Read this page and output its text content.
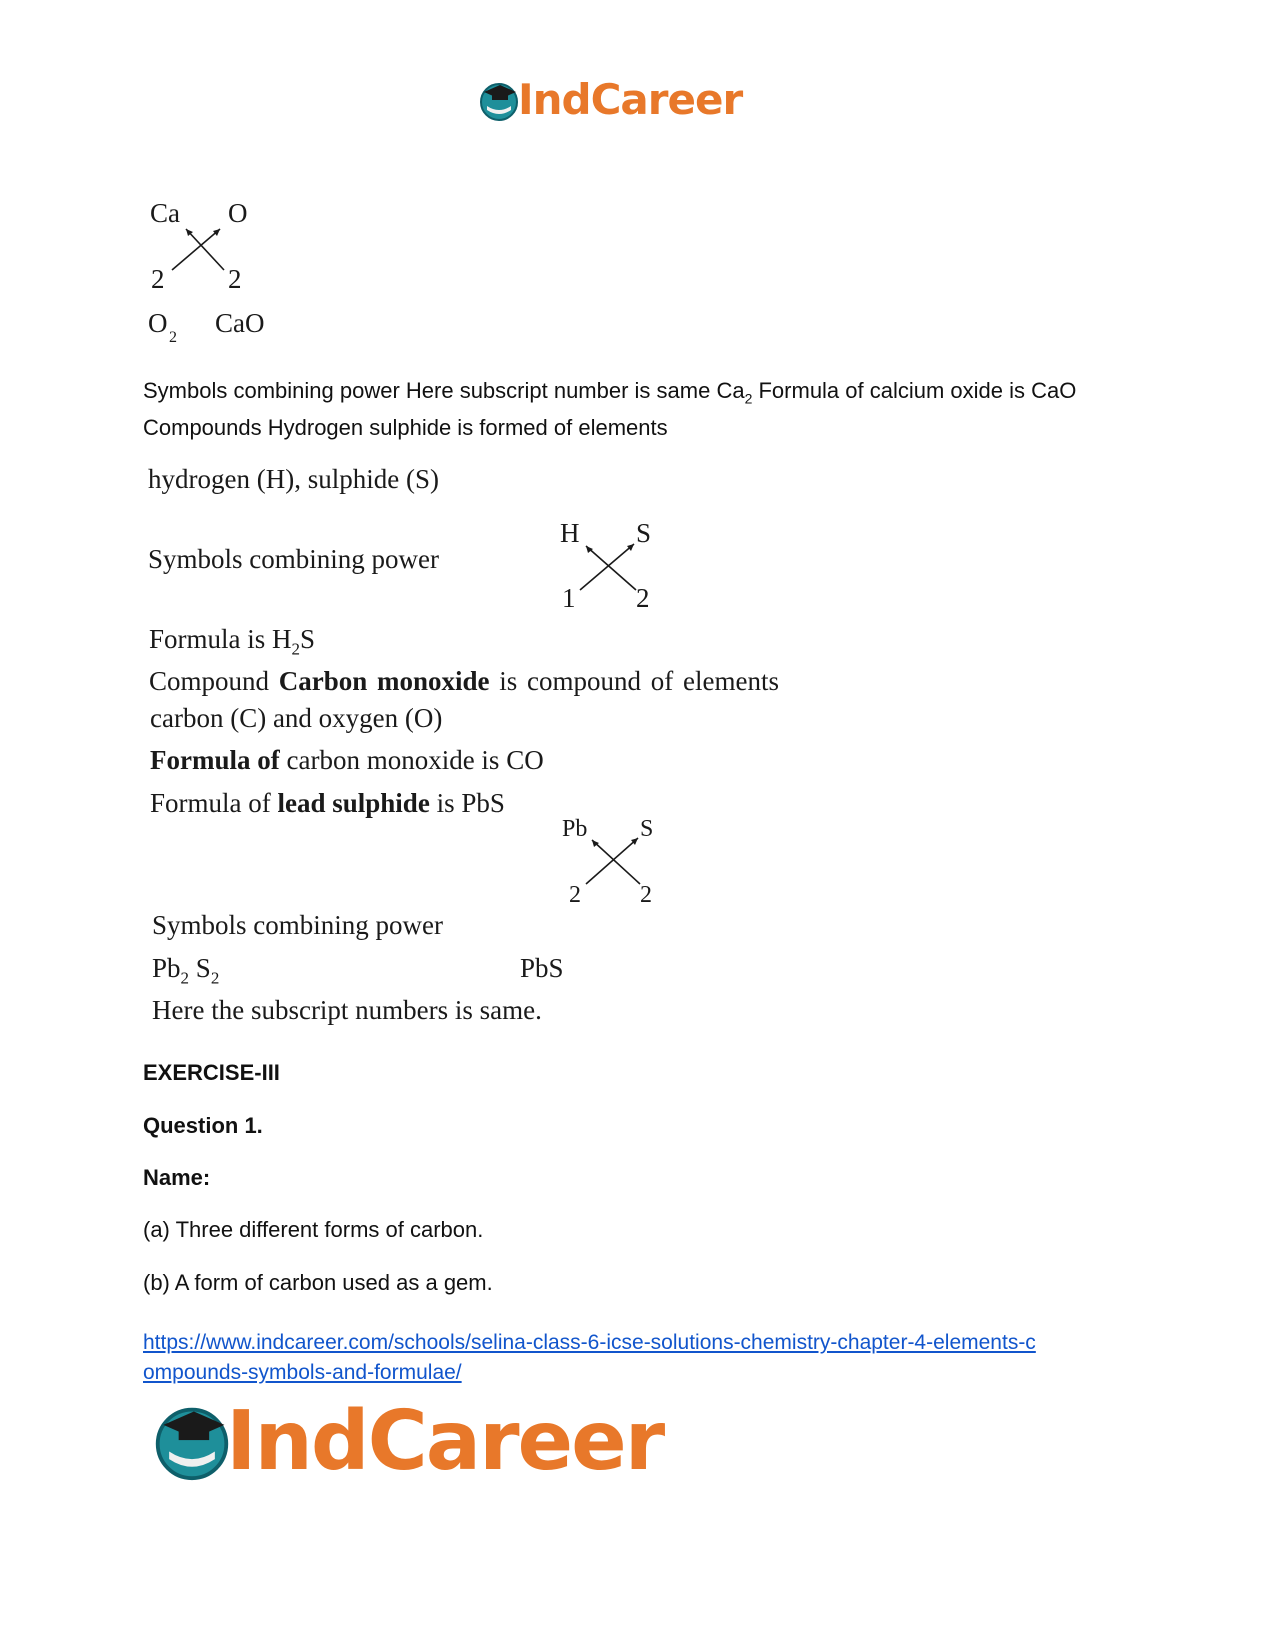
IndCareer
Ca O
2 2
O 2 CaO
Symbols combining power Here subscript number is same $Ca_2$ Formula of calcium oxide is CaO
Compounds Hydrogen sulphide is formed of elements
hydrogen (H), sulphide (S)
Symbols combining power
H S
1 2
Formula is $H_2S$
Compound Carbon monoxide is compound of elements
carbon (C) and oxygen (O)
Formula of carbon monoxide is CO
Formula of lead sulphide is PbS
Pb S
2 2
Symbols combining power
$Pb_2$ $S_2$	PbS
Here the subscript numbers is same.
EXERCISE-III
Question 1.
Name:
(a) Three different forms of carbon.
(b) A form of carbon used as a gem.
https://www.indcareer.com/schools/selina-class-6-icse-solutions-chemistry-chapter-4-elements-c
ompounds-symbols-and-formulae/
IndCareer
